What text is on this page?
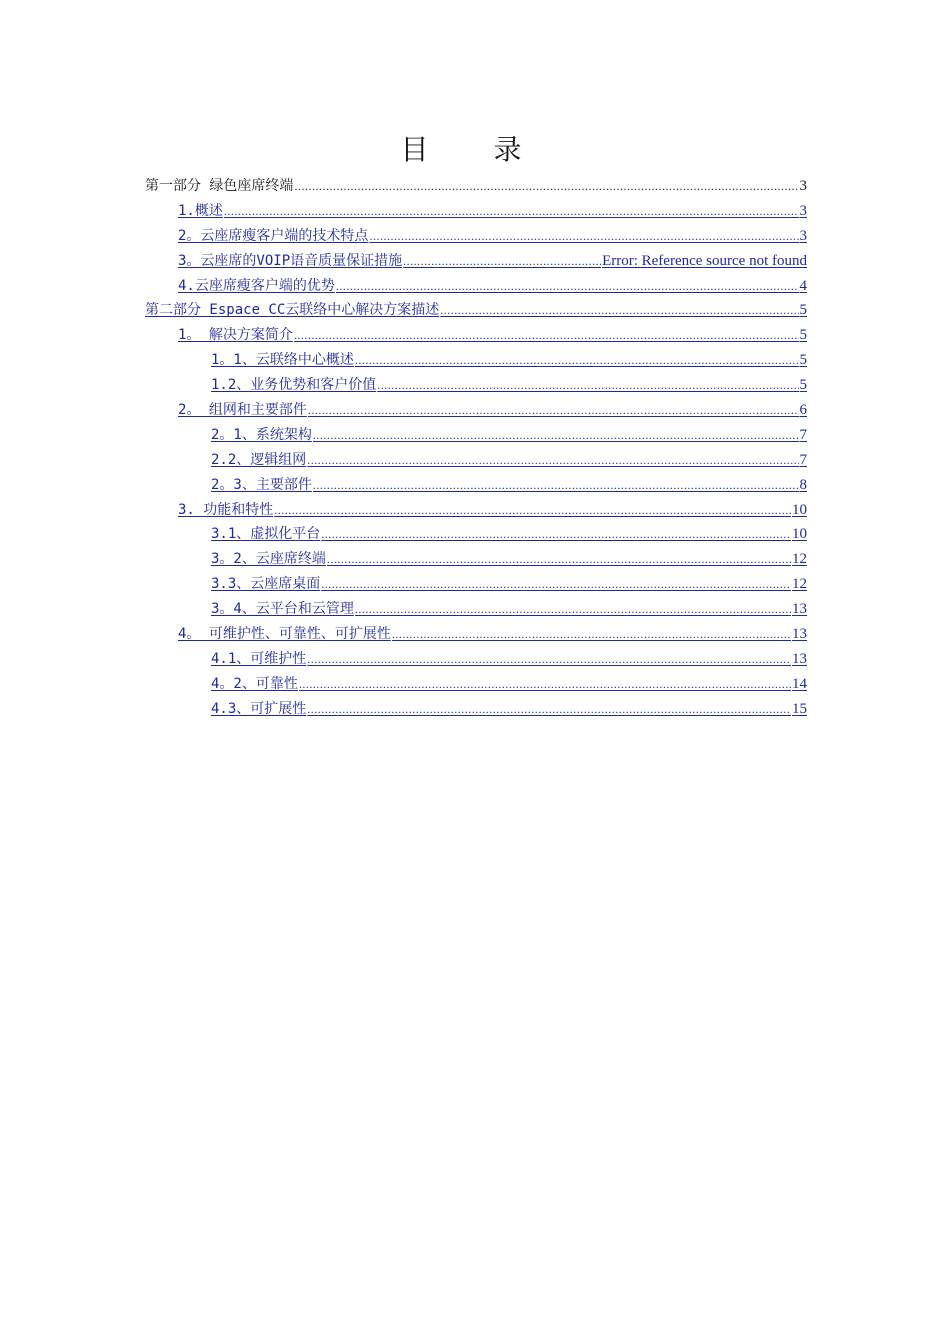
目 录
第一部分 绿色座席终端 .....	3
1.概述 .....	3
2。云座席瘦客户端的技术特点 .....	3
3。云座席的VOIP语音质量保证措施 .....	Error: Reference source not found
4.云座席瘦客户端的优势 .....	4
第二部分 Espace CC云联络中心解决方案描述 .....	5
1。 解决方案简介 .....	5
1。1、云联络中心概述 .....	5
1.2、业务优势和客户价值 .....	5
2。 组网和主要部件 .....	6
2。1、系统架构 .....	7
2.2、逻辑组网 .....	7
2。3、主要部件 .....	8
3. 功能和特性 .....	10
3.1、虚拟化平台 .....	10
3。2、云座席终端 .....	12
3.3、云座席桌面 .....	12
3。4、云平台和云管理 .....	13
4。 可维护性、可靠性、可扩展性 .....	13
4.1、可维护性 .....	13
4。2、可靠性 .....	14
4.3、可扩展性 .....	15
